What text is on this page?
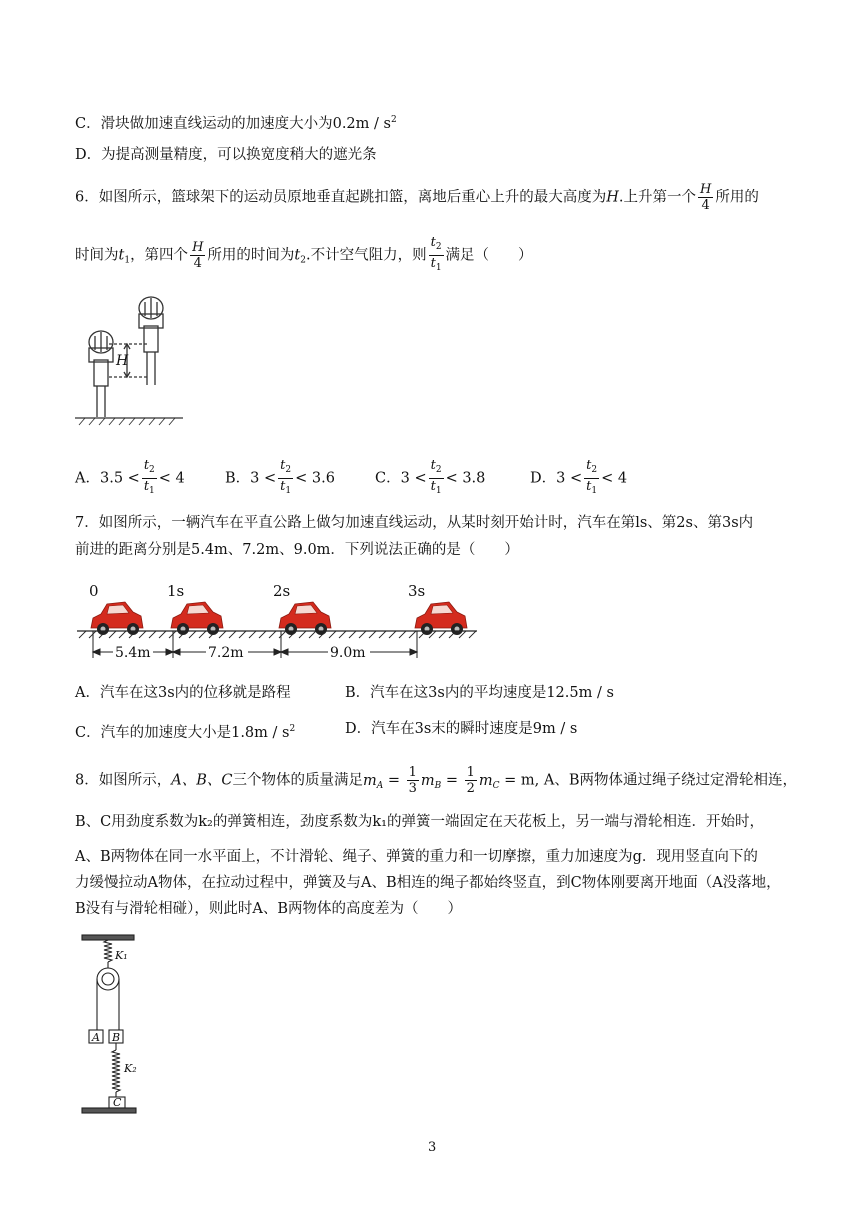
C．滑块做加速直线运动的加速度大小为$0.2m / s^2$
D．为提高测量精度，可以换宽度稍大的遮光条
6．如图所示，篮球架下的运动员原地垂直起跳扣篮，离地后重心上升的最大高度为H.上升第一个 $\frac{H}{4}$ 所用的
时间为$t_1$，第四个 $\frac{H}{4}$ 所用的时间为$t_2$.不计空气阻力，则 $\frac{t_2}{t_1}$ 满足（　　）
H
A．$3.5 < \frac{t_2}{t_1} < 4$	B．$3 < \frac{t_2}{t_1} < 3.6$	C．$3 < \frac{t_2}{t_1} < 3.8$	D．$3 < \frac{t_2}{t_1} < 4$
7．如图所示，一辆汽车在平直公路上做匀加速直线运动，从某时刻开始计时，汽车在第ls、第2s、第3s内
前进的距离分别是5.4m、7.2m、9.0m．下列说法正确的是（　　）
0	1s	2s	3s
5.4m	7.2m	9.0m
A．汽车在这3s内的位移就是路程	B．汽车在这3s内的平均速度是12.5m / s
C．汽车的加速度大小是$1.8m / s^2$	D．汽车在3s末的瞬时速度是9m / s
8．如图所示，A、B、C三个物体的质量满足$m_A = \frac{1}{3} m_B = \frac{1}{2} m_C = m$, A、B两物体通过绳子绕过定滑轮相连，
B、C用劲度系数为k₂的弹簧相连，劲度系数为k₁的弹簧一端固定在天花板上，另一端与滑轮相连．开始时，
A、B两物体在同一水平面上，不计滑轮、绳子、弹簧的重力和一切摩擦，重力加速度为g．现用竖直向下的
力缓慢拉动A物体，在拉动过程中，弹簧及与A、B相连的绳子都始终竖直，到C物体刚要离开地面（A没落地，
B没有与滑轮相碰），则此时A、B两物体的高度差为（　　）
K₁
A B
K₂
C
3
